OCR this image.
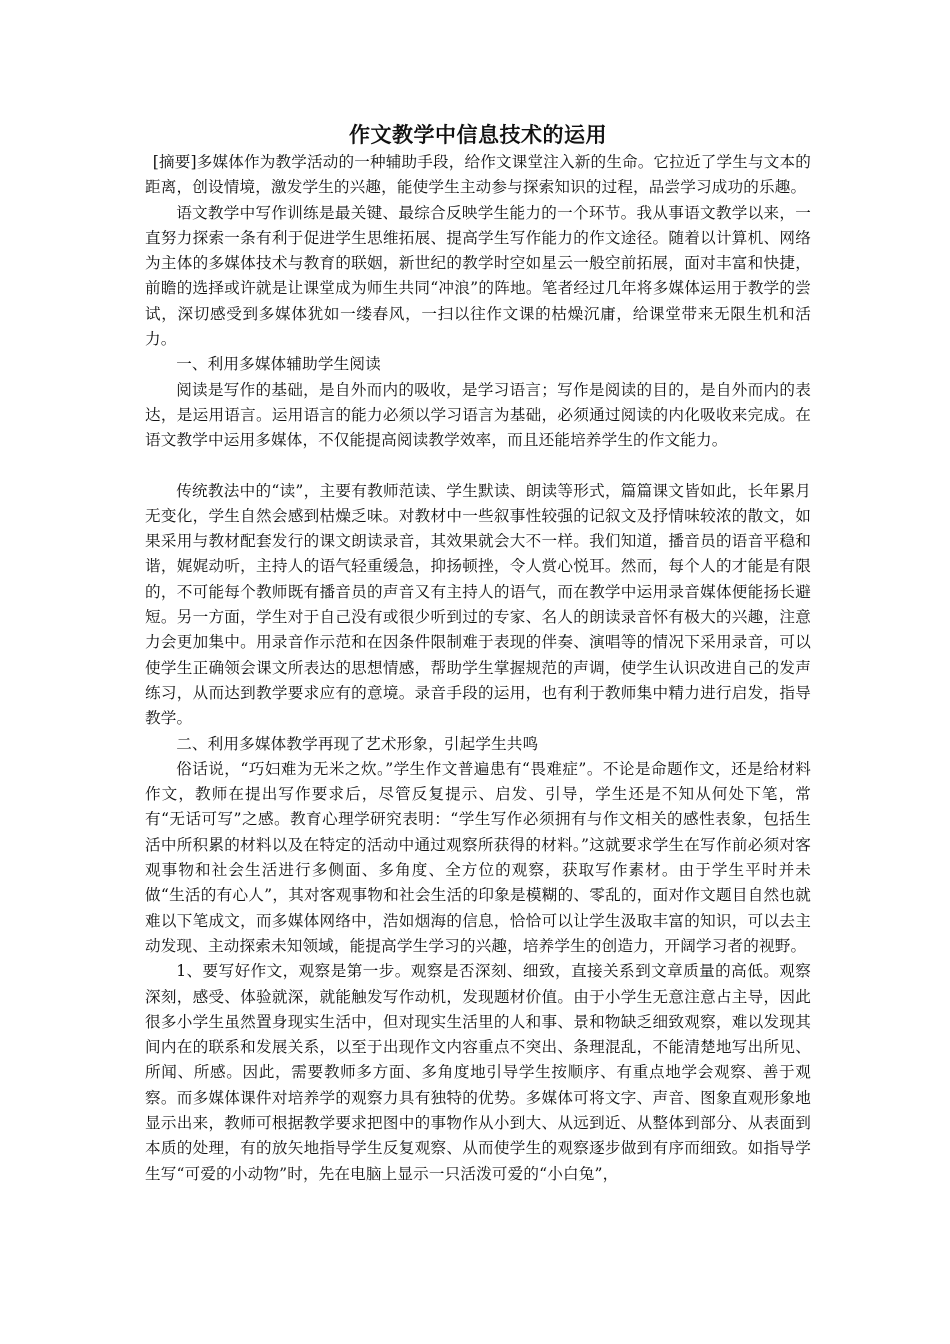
作文教学中信息技术的运用

[摘要]多媒体作为教学活动的一种辅助手段，给作文课堂注入新的生命。它拉近了学生与文本的距离，创设情境，激发学生的兴趣，能使学生主动参与探索知识的过程，品尝学习成功的乐趣。

语文教学中写作训练是最关键、最综合反映学生能力的一个环节。我从事语文教学以来，一直努力探索一条有利于促进学生思维拓展、提高学生写作能力的作文途径。随着以计算机、网络为主体的多媒体技术与教育的联姻，新世纪的教学时空如星云一般空前拓展，面对丰富和快捷，前瞻的选择或许就是让课堂成为师生共同“冲浪”的阵地。笔者经过几年将多媒体运用于教学的尝试，深切感受到多媒体犹如一缕春风，一扫以往作文课的枯燥沉庸，给课堂带来无限生机和活力。

一、利用多媒体辅助学生阅读

阅读是写作的基础，是自外而内的吸收，是学习语言；写作是阅读的目的，是自外而内的表达，是运用语言。运用语言的能力必须以学习语言为基础，必须通过阅读的内化吸收来完成。在语文教学中运用多媒体，不仅能提高阅读教学效率，而且还能培养学生的作文能力。

传统教法中的“读”，主要有教师范读、学生默读、朗读等形式，篇篇课文皆如此，长年累月无变化，学生自然会感到枯燥乏味。对教材中一些叙事性较强的记叙文及抒情味较浓的散文，如果采用与教材配套发行的课文朗读录音，其效果就会大不一样。我们知道，播音员的语音平稳和谐，娓娓动听，主持人的语气轻重缓急，抑扬顿挫，令人赏心悦耳。然而，每个人的才能是有限的，不可能每个教师既有播音员的声音又有主持人的语气，而在教学中运用录音媒体便能扬长避短。另一方面，学生对于自己没有或很少听到过的专家、名人的朗读录音怀有极大的兴趣，注意力会更加集中。用录音作示范和在因条件限制难于表现的伴奏、演唱等的情况下采用录音，可以使学生正确领会课文所表达的思想情感，帮助学生掌握规范的声调，使学生认识改进自己的发声练习，从而达到教学要求应有的意境。录音手段的运用，也有利于教师集中精力进行启发，指导教学。

二、利用多媒体教学再现了艺术形象，引起学生共鸣

俗话说，“巧妇难为无米之炊。”学生作文普遍患有“畏难症”。不论是命题作文，还是给材料作文，教师在提出写作要求后，尽管反复提示、启发、引导，学生还是不知从何处下笔，常有“无话可写”之感。教育心理学研究表明：“学生写作必须拥有与作文相关的感性表象，包括生活中所积累的材料以及在特定的活动中通过观察所获得的材料。”这就要求学生在写作前必须对客观事物和社会生活进行多侧面、多角度、全方位的观察，获取写作素材。由于学生平时并未做“生活的有心人”，其对客观事物和社会生活的印象是模糊的、零乱的，面对作文题目自然也就难以下笔成文，而多媒体网络中，浩如烟海的信息，恰恰可以让学生汲取丰富的知识，可以去主动发现、主动探索未知领域，能提高学生学习的兴趣，培养学生的创造力，开阔学习者的视野。

1、要写好作文，观察是第一步。观察是否深刻、细致，直接关系到文章质量的高低。观察深刻，感受、体验就深，就能触发写作动机，发现题材价值。由于小学生无意注意占主导，因此很多小学生虽然置身现实生活中，但对现实生活里的人和事、景和物缺乏细致观察，难以发现其间内在的联系和发展关系，以至于出现作文内容重点不突出、条理混乱，不能清楚地写出所见、所闻、所感。因此，需要教师多方面、多角度地引导学生按顺序、有重点地学会观察、善于观察。而多媒体课件对培养学的观察力具有独特的优势。多媒体可将文字、声音、图象直观形象地显示出来，教师可根据教学要求把图中的事物作从小到大、从远到近、从整体到部分、从表面到本质的处理，有的放矢地指导学生反复观察、从而使学生的观察逐步做到有序而细致。如指导学生写“可爱的小动物”时，先在电脑上显示一只活泼可爱的“小白兔”，
